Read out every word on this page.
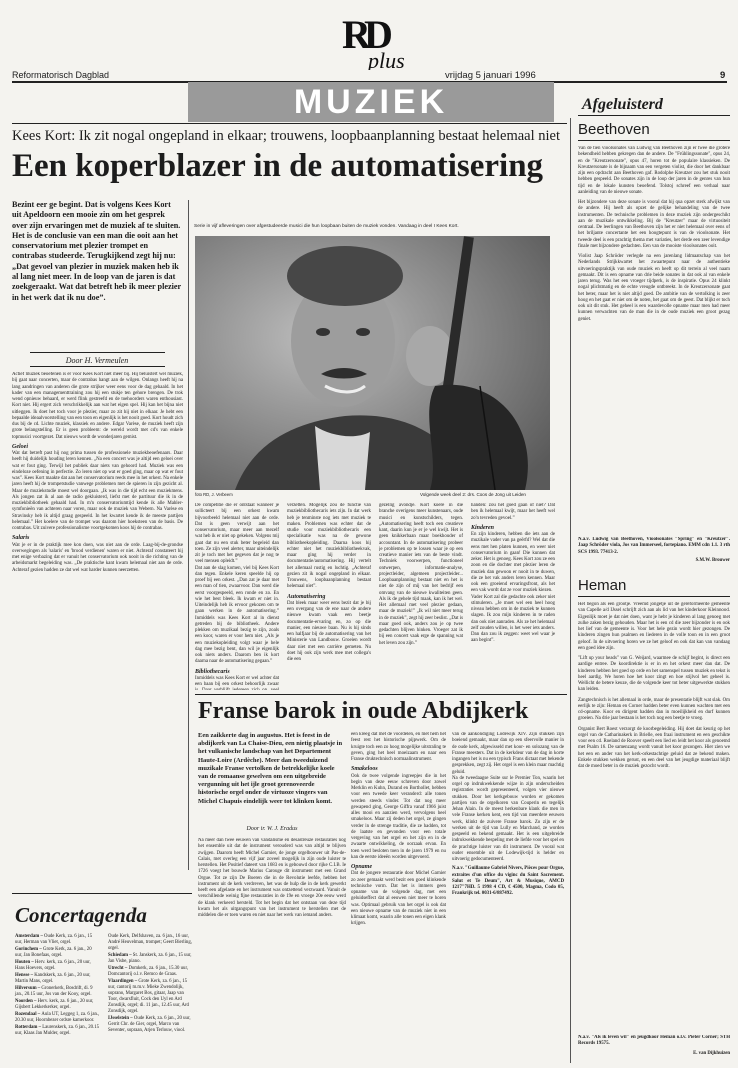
Reformatorisch Dagblad
R
D
plus
vrijdag 5 januari 1996	9
MUZIEK	Afgeluisterd
Kees Kort: Ik zit nogal ongepland in elkaar; trouwens, loopbaanplanning bestaat helemaal niet
Een koperblazer in de automatisering
Bezint eer ge begint. Dat is volgens Kees Kort uit Apeldoorn een mooie zin om het gesprek over zijn ervaringen met de muziek af te sluiten. Het is de conclusie van een man die ooit aan het conservatorium met plezier trompet en contrabas studeerde. Terugkijkend zegt hij nu: „Dat gevoel van plezier in muziek maken heb ik al lang niet meer. In de loop van de jaren is dat zoekgeraakt. Wat dat betreft heb ik meer plezier in het werk dat ik nu doe”.
Door H. Vermeulen
Actief muziek beoefenen is er voor Kees Kort niet meer bij. Hij beluistert wel muziek, bij gaat naar concerten, maar de contrabas hangt aan de wilgen. Onlangs heeft hij na lang aandringen van anderen die grote strijker weer eens voor de dag gehaald. In het kader van een managementtraining zou hij een stukje ten gehore brengen. De trok wend opnieuw behaard, er werd flink gestreefd en de toehoorders waren enthousiast. Kort niet. Hij ergert zich verschrikkelijk aan wat het eigen spel. Hij kan het bijna niet uitleggen. Ik doet het toch voor je plezier, maar zo zit hij niet in elkaar. Je hebt een bepaalde ideaalvoorstelling van een toon en eigenlijk is het nooit goed. Kort houdt zich dus bij de cd. Lichte muziek, klassiek en andere. Edgar Varèse, de muziek heeft zijn grote belangstelling. Er is geen probleem: de wereld wordt met cd's van enkele topmusici voortgezet. Dat nieuws wordt de wonderjaren gemist.
Geloei
Wat dat betreft past hij nog prima tussen de professionele muziekbeoefenaars. Daar heeft hij duidelijk houding leren kennen. „Na een concert was je altijd een geloei over wat er fout ging. Terwijl het publiek daar niets van gehoord had. Muziek was een eindeloze oefening in perfectie. Zo leren niet op wat er goed ging, maar op wat er fout was”. Kees Kort maakte dat aan het conservatorium reeds mee in het orkest. Na enkele jaren heeft hij de trompetstudie vanwege problemen met de spieren in zijn gezicht al. Maar de muziekstudie moest wel doorgaan. „Ik was in die tijd echt een muziekmens. Als jongen zat ik al aan de radio gekluisterd, liefst met de partituur die ik in de muziekbibliotheek gehaald had. In m'n conservatoriumtijd kende ik alle Mahler-symfonieën van achteren naar voren, maar ook de muziek van Webern. Na Varèse en Stravinsky heb ik altijd graag gespeeld. In het kwartet kende ik de meeste partijen helemaal.” Het koelere van de trompet was daarom hier hoeksteen van de basis. De contrabas. Uit zuivere professionalisme voortgekomen koos hij de contrabas.
Salaris
Wat je er in de praktijk mee kon doen, was niet aan de orde. Laag-bij-de-grondse overwegingen als 'salaris' en 'brood verdienen' waren er niet. Achteraf constateert hij met enige verbazing dat er vanuit het conservatorium ook nooit in die richting van de arbeidsmarkt begeleiding was. „De praktische kant kwam helemaal niet aan de orde. Achteraf gezien hadden ze dat wel wat harder kunnen neerzetten.
Serie in vijf afleveringen over afgestudeerde musici die hun loopbaan buiten de muziek vonden. Vandaag in deel I Kees Kort.
foto RD, J. Verbeem	Volgende week deel 2: drs. Coos de Jong uit Leiden
De competitie die er ontstaat wanneer je sollicteert bij een orkest kwam bijvoorbeeld helemaal niet aan de orde. Dat is geen verwijt aan het conservatorium, maar meer aan mezelf wat heb ik er niet op gekeken. Volgens mij gaat dat nu een stuk beter begeleid dan toen. Ze zijn veel alerter, maar uiteindelijk zit je toch met het gegeven dat je nog te veel mensen opleidt.”
Dat aan de slag komen, viel bij Kees Kort dan tegen. Enkele keren speelde hij op proef bij een orkest. „Dan zat je daar met een man of tien, zwaarvoor. Dan werd die eerst voorgespeeld, een ronde en zo. En wie het best bleek. Ik kwam er niet in. Uiteindelijk heb ik ervoor gekozen om te gaan werken in de automatisering.” Inmiddels was Kees Kort al in dienst getreden bij de bibliotheek. Andere plekken om muzikaal bezig te zijn, zoals een koor, waren er voor hem niet. „Als je een muziekopleiding volgt waar je hele dag mee bezig bent, dan wil je eigenlijk ook niets anders. Daarom ben ik kort daarna naar de automatisering gegaan.”
Bibliothecaris
Inmiddels was Kees Kort er wel achter dat een baan bij een orkest behoorlijk zwaar
verzetten. Mogelijk zou de functie van muziekbibliothecaris iets zijn. In dat werk heb je tenminste nog iets met muziek te maken. Problemen was echter dat de studie voor muziekbibliothecaris een specialisatie was na de gewone bibliotheekopleiding. Daarna koos hij echter niet het muziekbibliotheekvak, maar ging hij verder in documentatie/automatisering. Hij vertelt het allemaal rustig en luchtig. „Achteraf gezien zit ik nogal ongepland in elkaar. Trouwens, loopbaanplanning bestaat helemaal niet”.
Automatisering
Dat bleek maar weer eens bezit dat je bij een overgang van de ene naar de andere nieuwe kwam vaak een beetje documentatie-ervaring en, zo op die manier, een nieuwe baan. Nu is hij sinds een halfjaar bij de automatisering van het Ministerie van Landbouw. Groeien wordt daar niet met een carrière gemeten. Nu doet hij ook zijn werk mee met collega's die een
gezellig avondje. Kort koere in die branche overigens meer kunstenaars, oude musici en kunstschilders, tegen. „Automatisering heeft toch een creatieve kant, daarin kun je er je wel kwijt. Het is geen knikkerbaan maar boekhouder of accountant. In de automatisering probeer je problemen op te lossen waar je op een creatieve manier iets van de beste vindt. Techniek voorwerpen, functioneel ontwerpen, informatie-analyse, projectleider, algemeen projectleider... Loopbaanplanning bestaat niet en het is niet de zijn of mij van het bedrijf een omvang van de nieuwe kwaliteiten geen. Als ik de gehele tijd maak, kan ik het wel. Het allemaal met veel plezier gedaan, maar de muziek!” „Ik wil niet meer terug in de muziek”, zegt hij zeer beslist. „Dat is maar goed ook, anders zou je op twee gedachten blijven hinken. Vroeger zat ik bij een concert vaak erge de spanning wat het leven zou zijn.”
handen: zou het goed gaan of niet? Dat ben ik helemaal kwijt, maar het heeft wel zo'n tevreden gevoel.”
Kinderen
En zijn kinderen, hebben die iets aan de muzikale vader van pa geërfd? Wel dat die eens met hen platen kunnen, en weer niet conservatorium in gaan! Die kunnen dat zeker. Het is genoeg. Kees Kort zou ze een zoon en die dochter met plezier leren de muziek dan gewoon er nooit in te duwen, die ze het vak anders leren kennen. Maar ook een groeiend ervaringsfront, als het een vak wordt dat ze voor muziek kiezen.
Vader Kort zal die gedachte ook zeker niet stimuleren. „Je moet wel een heel hoog niveau hebben om in de muziek te kunnen slagen. Ik zou mijn kinderen in te raden dan ook niet aanraden. Als ze het helemaal zelf zouden willen, is het weer iets anders. Dan dan zou ik zeggen: weet wel waar je aan begint”.
Franse barok in oude Abdijkerk
Een zaikkerte dag in augustus. Het is feest in de abdijkerk van La Chaise-Dieu, een nietig plaatsje in het vulkanische landschap van het Departement Haute-Loire (Ardèche). Meer dan tweeduizend muzikale Franse vertolken de betrekkelijke koele van de romaanse gewelven om een uitgebreide vergunning uit het ijle groot gerenoveerde historische orgel onder de virtuoze vingers van Michel Chapuis eindelijk weer tot klinken komt.
Door ir. W. J. Eradus
Na meer dan twee eeuwen van vandalisme en desastreuze restauraties nog het ensemble uit dat de instrument verouderd was van altijd te blijven zwijgen. Daarom heeft Michel Garnier, de jonge orgelbouwer uit Pas-de-Calais, met overleg een vijf jaar zoveel mogelijk in zijn oude luister te herstellen. Het Positief dateert van 1683 en is gebouwd door rijke C.I.B. Ie 1726 voegt het bouwde Marius Carouge dit instrument met een Grand Orgue. Tot ze zijn De Boeren die in de Revolutie leefde, hebben het instrument uit de kerk verdreven, het was de hulp die in de kerk gewerkt heeft een afgelaste en het instrument was ontzettend verzwaard. Vanuit de verschillende weinig fijne restauraties in de 19e en vroege 20e eeuw werd de klank verkeerd hersteld. Tot het begin dat het ontstaan van deze tijd kwam het als uitgangspunt van het instrument te herstellen met de middelen die er toen waren en niet naar het werk van iemand anders.
een kreeg dat met de voordelen, en met hem het feest rest het historische pijpwerk. Om de kruigte toch een zo hoog mogelijke uitstraling te geven, ging het heel moeizaam en naar een Franse druktechnisch normaalinstrument.
Smakeloos
Ook de twee volgende ingreepjes die in het begin van deze eeuw schreven door zowel Merklin en Kuhn, Durand en Borthollet, hebben voor een tweede keer veranderd: alle tonen werden steeds vinder. Tot dat nog meer gewapend ging, George Giffra vanaf 1966 juist alles mooi en aanzien werd, vervolgens heel smakeloos. Maar zij deden het orgel, ze gingen verder in de strenge traditie, die ze hadden, tot de laatste en gevonden voor een totale vergeving van het orgel en het zijn en in de zwaarte ontwikkeling, de oorzaak ervan. En toen werd besloten toen in de jaren 1979 en nu kan de eerste ideeën worden uitgevoerd.
Opname
Dat de jongere restauratie door Michel Garnier zo zeer gemaakt werd bezit een goed klinkende technische vorm. Dat het is immers geen opname van de volgende dag, met een geluidseffect dat al eeuwen niet meer te horen was. Optimaal gebruik van het orgel is ook dat een nieuwe opname van de muziek niet in een klimaat komt, waarin alle tonen een eigen klank krijgen.
van de aankondiging Lodewijk XIV. Zijn stukken zijn boeiend gemaakt, maar dan op een sfeervolle manier in de oude kerk, afgewisseld met koor- en solozang van de Franse meesters. Dat in de kerkdeur van de dag in korte ingangen het is nu een typisch Frans dictaat met bekende gesprekken, zegt zij. Het orgel is een klein maar machtig geluid.
Na de tweedaagse Suite sur le Premier Ton, waarin het orgel op indrukwekkende wijze in zijn onderscheiden registraties wordt gepresenteerd, volgen vier nieuwe stukken. Door het kerkgebouw worden er gekomen partijen van de orgelkoren van Couperin en tegelijk Jehan Alain. In de meest herkenbare klank die men in vele Franse kerken kent, een tijd van meerdere eeuwen werk, klinkt de zuivere Franse barok. Zo zijn er de werken uit de tijd van Lully en Marchand, ze worden gespeeld en bekend gemaakt. Het is een uitgebreide indrukwekkende bespeling met de liefde voor het spel en de prachtige luister van dit instrument. De vooral wat ouder ensemble uit de Lodewijk-tijd is helder en uitvoerig gedocumenteerd.
N.a.v. "Guillaume Gabriel Nivers, Pièces pour Orgue, extraites d'un office du viginc du Saint Sacrement. Salut et Te Deum", Art & Musique, AMCD 1217"7HD. 5 1998 4 CD, € 4500, Magma, Codo 05, Frankrijk tel. 0031-6/887492.
Concertagenda
Amsterdam – Oude Kerk, za. 6 jan., 15 uur, Herman van Vliet, orgel.
Gorinchem – Grote Kerk, za. 6 jan., 20 uur, Jan Bonefaas, orgel.
Houten – Herv. kerk, za. 6 jan., 20 uur, Hans Hoevers, orgel.
Hensse – Kandskerk, za. 6 jan., 20 uur, Martin Mans, orgel.
Hilversum – Gronerkerk, Bosdrift, di. 9 jan., 20.15 uur, Jos van der Kooy, orgel.
Noorden – Herv. kerk, za. 6 jan., 20 uur, Gijsbert Lekkerkerker, orgel.
Rozendaal – Aula UT, Leggeg 1, za. 6 jan., 20.30 uur, Hoornbezer ordsre kamerkoor.
Rotterdam – Laurenskerk, za. 6 jan., 20.15 uur, Klaas Jan Mulder, orgel.
Oude Kerk, Delfshaven, za. 6 jan., 16 uur, André Heuvelman, trompet; Geert Bierling, orgel.
Schiedam – St. Janskerk, za. 6 jan., 15 uur, Jan Visbe, piano.
Utrecht – Domkerk, za. 6 jan., 15.30 uur, Domcantorij o.l.v. Remco de Graas.
Vlaardingen – Grote Kerk, za. 6 jan., 15 uur, cantorij m.m.v. Mieke Zwendolijk, soprano, Margaret Bos, gitaar, Jaap van Toor, dwarsfluit, Cock den Uyl en Ard Zonsdijk, orgel; di. 11 jan., 12.45 uur, Ard Zonsdijk, orgel.
IJsselstein – Oude Kerk, za. 6 jan., 20 uur, Gerrit Chr. de Gier, orgel, Marco van Seventer, sopraan, Arjen Terlouw, viool.
Beethoven
Van de tien vioolsonates van Ludwig van Beethoven zijn er twee die grotere bekendheid hebben gekregen dan de andere. De "Frühlingssonate", opus 24, en de "Kreutzersonate", opus 47, horen tot de populaire klassieken. De Kreutzersonate is de bijnaam van een vergeten violist, die door het dankbaar zijn een opdracht aan Beethoven gaf. Rodolphe Kreutzer zou het stuk nooit hebben gespeeld. De sonates zijn in de loop der jaren in de genres van hun tijd en de lokale kunsten beoefend. Tolstoj schreef een verhaal naar aanleiding van de nieuwe sonate.
Het bijzondere van deze sonate is vooral dat hij qua opzet sterk afwijkt van de andere. Hij heeft als opzet de gelijke behandeling van de twee instrumenten. De technische problemen in deze muziek zijn ondergeschikt aan de muzikale ontwikkeling. Bij de "Kreutzer" maar de virtuositeit centraal. De leerlingen van Beethoven zijn het er niet helemaal over eens of het briljante concertante het een hoogtepunt is van de vioolsonate. Het tweede deel is een prachtig thema met variaties, het derde een zeer levendige finale met bijzondere gedachten. Een van de mooiste vioolsonates ooit.
Violist Jaap Schröder verlegde na een jarenlang lidmaatschap van het Nederlands Strijkkwartet het zwaartepunt naar de authentieke uitvoeringspraktijk van oude muziek en heeft op dit terrein al veel naam gemaakt. Dit is een opname van drie beide sonates in dat ook al van enkele jaren terug. Was het een vroeger tijdperk, is de inspiratie. Opus 24 klinkt nogal plichtmatig en de echte vreugde ontbreekt. In de Kreutzersonate gaat het beter, maar het is niet altijd goed. De ambitie van de vertolking is zeer hoog en het gaat er niet om de noten, het gaat om de geest. Dat blijkt er toch ook uit dit stuk. Het geheel is een waardevolle opname maar men had meer kunnen verwachten van de man die in de oude muziek een groot gezag geniet.
N.a.v. Ludwig van Beethoven, Vioolsonates "Spring" en "Kreutzer". Jaap Schröder viola, Jos van Immerseel, fortepiano. EMM cdn 1.1. 3 rth SCS 1993. 77413-2.
S.M.W. Brouwer
Heman
Het begon als een grootje. Vreemd jongetje uit de gereformeerde gemeente van Capelle a/d IJssel schrijft zich aan als lid van het kinderkoor Kleinnood. Eigenlijk moet je dat niet doen, want je hebt je kinderen al lang genoeg met zulke zaken bezig gehouden. Maar het is een cd die zeer bijzonder is en ook het lief van de gemeente is. Voor het hele gezin wordt hier gezongen. De kinderen zingen hun psalmen en liederen in de volle toon en in een groot geloof. In de uitvoering horen we ze het geloof en ook dat kan van vandaag een goed idee zijn.
"Lift up your heads" van G. Weijard, waarmee de schijf begint, is direct een aardige entree. De koordirektie is er in en het orkest meer dan dat. De kinderen hebben het goed op orde en het samenspel tussen muziek en tekst is heel aardig. We horen hoe het koor zingt en hoe stijlvol het geheel is. Wellicht de betere keuze, die de volgende keer tot beter uitgewerkte stukken kan leiden.
Zangtechnisch is het allemaal in orde, maar de presentatie blijft wat slak. Om eerlijk te zijn: Heman en Corner hadden beter even kunnen wachten met een cd-opname. Koor en dirigent hadden dan in moeilijkheid en durf kunnen groeien. Na drie jaar bestaan is het toch nog een beetje te vroeg.
Organist Bert Roest verzorgt de koorbegeleiding. Hij doet dat keurig op het orgel van de Catharinakerk in Brielle, een fraai instrument en een geschikte voor een cd. Roeland de Roover speelt een lied en leidt het koor als genoemd met Psalm 16. De samenzang wordt vanuit het koor gezongen. Hier zien we het een en ander van het kerk-orkestachtige geluid dat ze bekend maken. Enkele stukken wekken gerust, en een deel van het jeugdige materiaal blijft dat de moed beter in de muziek gezocht wordt.
N.a.v. "Als ik leven wil" en jeugdkoor Heman o.l.v. Pieter Corner; STH Records 19575.
E. van Dijkhuizen
